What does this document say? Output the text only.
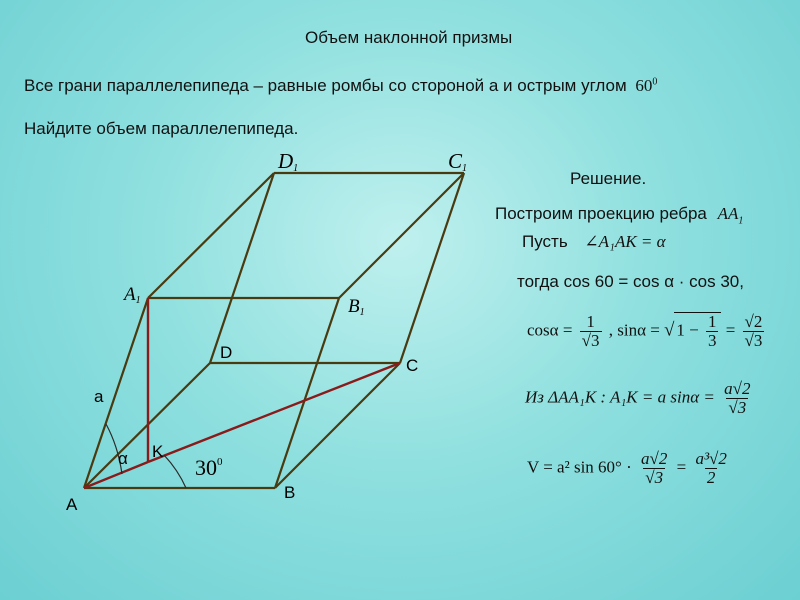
Объем наклонной призмы
Все грани параллелепипеда – равные ромбы со стороной а и острым углом $60^0$
Найдите объем параллелепипеда.
Решение.
Построим проекцию ребра $AA_1$
Пусть ∠A₁AK = α
тогда cos 60 = cos α · cos 30,
$\cos\alpha = \frac{1}{√3}$ , sinα = √ $1 - \frac{1}{3} = \frac{√2}{√3}$
Из ΔAA₁K : A₁K = a $\sin\alpha = \frac{a√2}{√3}$
V = a² $\sin 60^\circ \cdot \frac{a√2}{√3} = \frac{\text{a³√2}}{2}$
A
B
C
D
A1	B1
C1
D1
K
a
α	$30^0$
